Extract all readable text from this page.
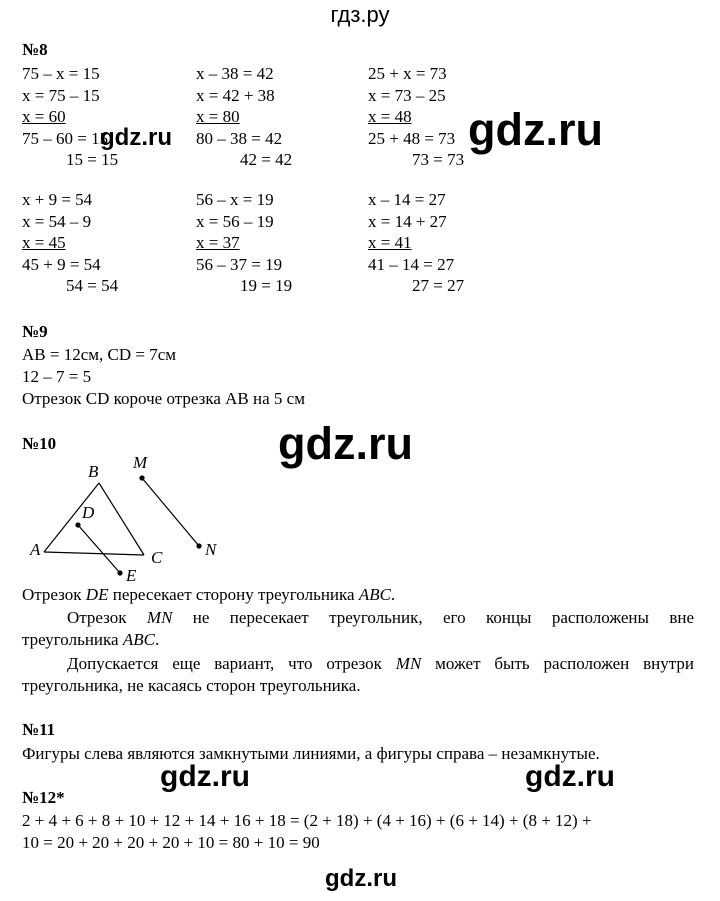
гдз.ру
gdz.ru
gdz.ru
gdz.ru
gdz.ru	gdz.ru
gdz.ru
№8
75 – x = 15
x = 75 – 15
x = 60
75 – 60 = 15
15 = 15
x – 38 = 42
x = 42 + 38
x = 80
80 – 38 = 42
42 = 42
25 + x = 73
x = 73 – 25
x = 48
25 + 48 = 73
73 = 73
x + 9 = 54
x = 54 – 9
x = 45
45 + 9 = 54
54 = 54
56 – x = 19
x = 56 – 19
x = 37
56 – 37 = 19
19 = 19
x – 14 = 27
x = 14 + 27
x = 41
41 – 14 = 27
27 = 27
№9
AB = 12см, CD = 7см
12 – 7 = 5
Отрезок CD короче отрезка AB на 5 см
№10
A
B
C
D
E
M
N
Отрезок DE пересекает сторону треугольника ABC.
Отрезок MN не пересекает треугольник, его концы расположены вне
треугольника ABC.
Допускается еще вариант, что отрезок MN может быть расположен внутри
треугольника, не касаясь сторон треугольника.
№11
Фигуры слева являются замкнутыми линиями, а фигуры справа – незамкнутые.
№12*
2 + 4 + 6 + 8 + 10 + 12 + 14 + 16 + 18 = (2 + 18) + (4 + 16) + (6 + 14) + (8 + 12) +
10 = 20 + 20 + 20 + 20 + 10 = 80 + 10 = 90
